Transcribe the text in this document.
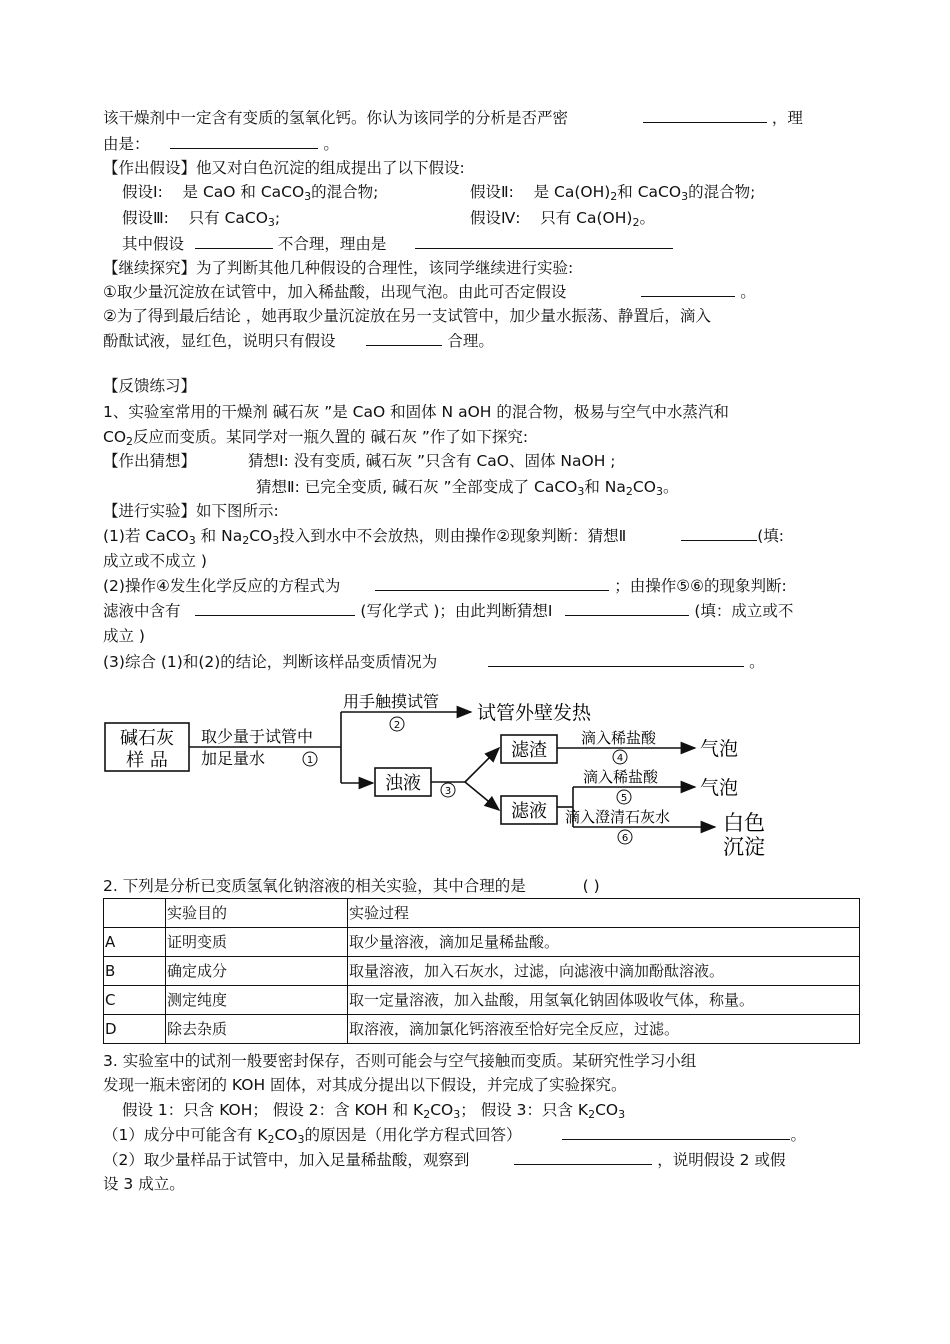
该干燥剂中一定含有变质的氢氧化钙。你认为该同学的分析是否严密	，理
由是：	。
【作出假设】他又对白色沉淀的组成提出了以下假设:
假设Ⅰ: 是 CaO 和 CaCO$_3$的混合物;	假设Ⅱ: 是 $Ca(OH)_2$和 CaCO$_3$的混合物;
假设Ⅲ: 只有 CaCO$_3$;	假设Ⅳ: 只有 $Ca(OH)_2$。
其中假设	不合理，理由是
【继续探究】为了判断其他几种假设的合理性，该同学继续进行实验:
①取少量沉淀放在试管中，加入稀盐酸，出现气泡。由此可否定假设	。
②为了得到最后结论 ，她再取少量沉淀放在另一支试管中，加少量水振荡、静置后，滴入
酚酞试液，显红色，说明只有假设	合理。
【反馈练习】
1、实验室常用的干燥剂 碱石灰 ”是 CaO 和固体 N aOH 的混合物，极易与空气中水蒸汽和
$CO_2$反应而变质。某同学对一瓶久置的 碱石灰 ”作了如下探究:
【作出猜想】	猜想Ⅰ: 没有变质, 碱石灰 ”只含有 CaO、固体 NaOH ;
猜想Ⅱ: 已完全变质, 碱石灰 ”全部变成了 CaCO$_3$和 $Na_2CO_3$。
【进行实验】如下图所示:
(1)若 CaCO$_3$ 和 $Na_2CO_3$投入到水中不会放热，则由操作②现象判断：猜想Ⅱ	(填:
成立或不成立 )
(2)操作④发生化学反应的方程式为	；由操作⑤⑥的现象判断:
滤液中含有	(写化学式 )；由此判断猜想Ⅰ	(填：成立或不
成立 )
(3)综合 (1)和(2)的结论，判断该样品变质情况为	。
碱石灰
样 品
取少量于试管中
加足量水	1
用手触摸试管
2
试管外壁发热
浊液 3
滤渣
滴入稀盐酸
4	气泡
滤液
滴入稀盐酸
5	气泡
滴入澄清石灰水
6
白色
沉淀
2. 下列是分析已变质氢氧化钠溶液的相关实验，其中合理的是	( )
	实验目的	实验过程
A	证明变质	取少量溶液，滴加足量稀盐酸。
B	确定成分	取量溶液，加入石灰水，过滤，向滤液中滴加酚酞溶液。
C	测定纯度	取一定量溶液，加入盐酸，用氢氧化钠固体吸收气体，称量。
D	除去杂质	取溶液，滴加氯化钙溶液至恰好完全反应，过滤。
3. 实验室中的试剂一般要密封保存，否则可能会与空气接触而变质。某研究性学习小组
发现一瓶未密闭的 KOH 固体，对其成分提出以下假设，并完成了实验探究。
假设 1：只含 KOH； 假设 2：含 KOH 和 $K_2CO_3$； 假设 3：只含 $K_2CO_3$
（1）成分中可能含有 $K_2CO_3$的原因是（用化学方程式回答）	。
（2）取少量样品于试管中，加入足量稀盐酸，观察到	，说明假设 2 或假
设 3 成立。
